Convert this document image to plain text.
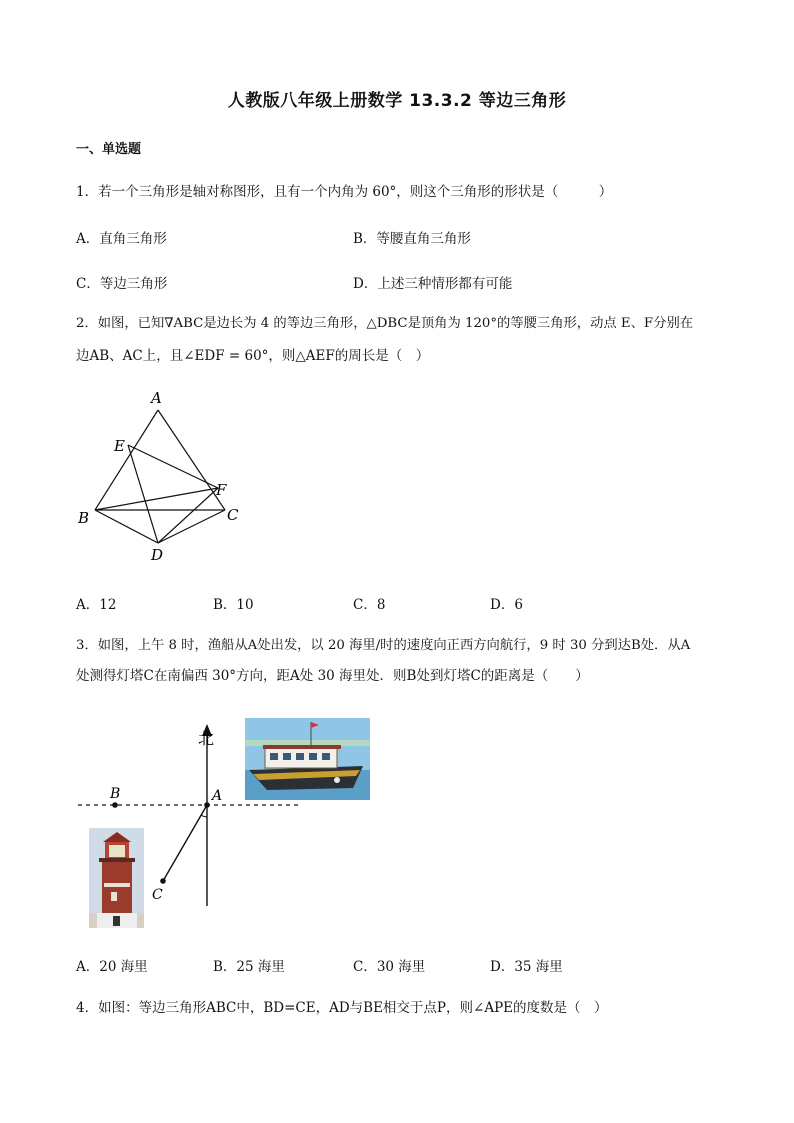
人教版八年级上册数学 13.3.2 等边三角形
一、单选题
1．若一个三角形是轴对称图形，且有一个内角为 60°，则这个三角形的形状是（　　　）
A．直角三角形	B．等腰直角三角形
C．等边三角形	D．上述三种情形都有可能
2．如图，已知∇ABC是边长为 4 的等边三角形，△DBC是顶角为 120°的等腰三角形，动点 E、F分别在
边AB、AC上，且∠EDF = 60°，则△AEF的周长是（　）
A
B	C
D
E
F
A．12	B．10	C．8	D．6
3．如图，上午 8 时，渔船从A处出发，以 20 海里/时的速度向正西方向航行，9 时 30 分到达B处．从A
处测得灯塔C在南偏西 30°方向，距A处 30 海里处．则B处到灯塔C的距离是（　　）
北
A
B
C
A．20 海里	B．25 海里	C．30 海里	D．35 海里
4．如图：等边三角形ABC中，BD=CE，AD与BE相交于点P，则∠APE的度数是（　）
